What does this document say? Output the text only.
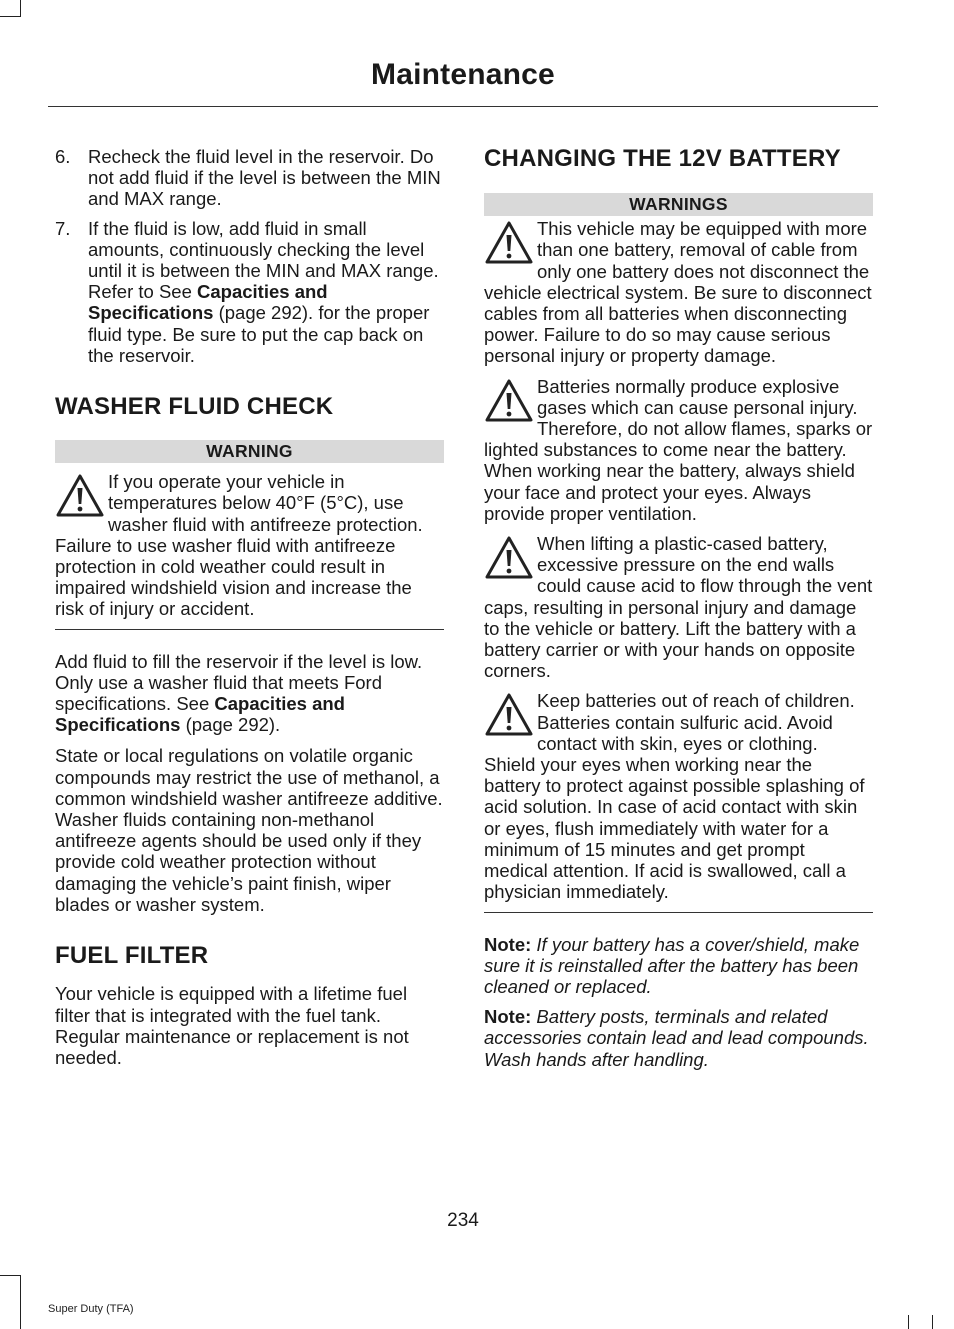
Maintenance
6. Recheck the fluid level in the reservoir. Do not add fluid if the level is between the MIN and MAX range.
7. If the fluid is low, add fluid in small amounts, continuously checking the level until it is between the MIN and MAX range. Refer to See Capacities and Specifications (page 292). for the proper fluid type. Be sure to put the cap back on the reservoir.
WASHER FLUID CHECK
WARNING

If you operate your vehicle in temperatures below 40°F (5°C), use washer fluid with antifreeze protection. Failure to use washer fluid with antifreeze protection in cold weather could result in impaired windshield vision and increase the risk of injury or accident.

Add fluid to fill the reservoir if the level is low. Only use a washer fluid that meets Ford specifications. See Capacities and Specifications (page 292).

State or local regulations on volatile organic compounds may restrict the use of methanol, a common windshield washer antifreeze additive. Washer fluids containing non-methanol antifreeze agents should be used only if they provide cold weather protection without damaging the vehicle’s paint finish, wiper blades or washer system.

FUEL FILTER

Your vehicle is equipped with a lifetime fuel filter that is integrated with the fuel tank. Regular maintenance or replacement is not needed.

CHANGING THE 12V BATTERY
WARNINGS

This vehicle may be equipped with more than one battery, removal of cable from only one battery does not disconnect the vehicle electrical system. Be sure to disconnect cables from all batteries when disconnecting power. Failure to do so may cause serious personal injury or property damage.

Batteries normally produce explosive gases which can cause personal injury. Therefore, do not allow flames, sparks or lighted substances to come near the battery. When working near the battery, always shield your face and protect your eyes. Always provide proper ventilation.

When lifting a plastic-cased battery, excessive pressure on the end walls could cause acid to flow through the vent caps, resulting in personal injury and damage to the vehicle or battery. Lift the battery with a battery carrier or with your hands on opposite corners.

Keep batteries out of reach of children. Batteries contain sulfuric acid. Avoid contact with skin, eyes or clothing. Shield your eyes when working near the battery to protect against possible splashing of acid solution. In case of acid contact with skin or eyes, flush immediately with water for a minimum of 15 minutes and get prompt medical attention. If acid is swallowed, call a physician immediately.

Note: If your battery has a cover/shield, make sure it is reinstalled after the battery has been cleaned or replaced.

Note: Battery posts, terminals and related accessories contain lead and lead compounds. Wash hands after handling.

234
Super Duty (TFA)
